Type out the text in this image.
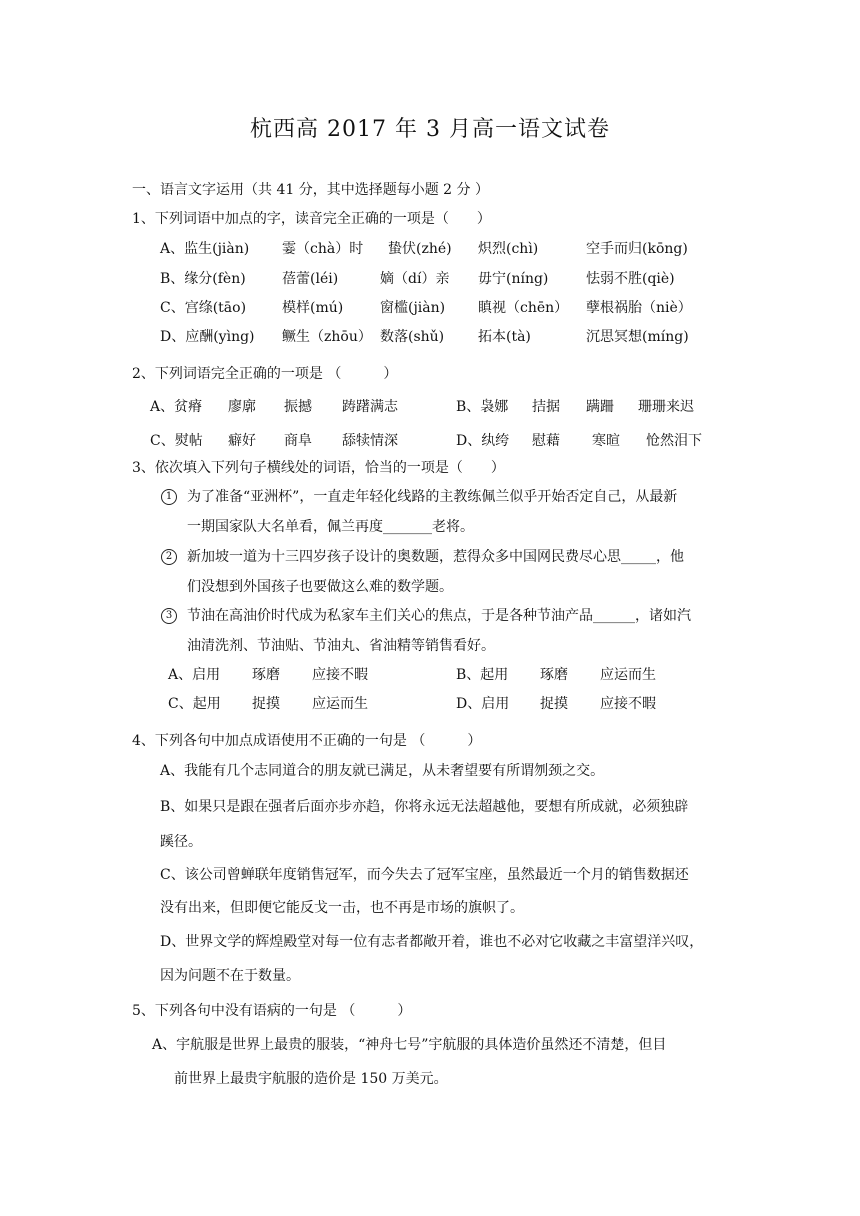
杭西高 2017 年 3 月高一语文试卷
一、语言文字运用（共 41 分，其中选择题每小题 2 分 ）
1、下列词语中加点的字，读音完全正确的一项是（　　）
A、监生(jiàn) 霎（chà）时 蛰伏(zhé) 炽烈(chì)	空手而归(kōng)
B、缘分(fèn)	蓓蕾(léi)	嫡（dí）亲 毋宁(níng)	怯弱不胜(qiè)
C、宫绦(tāo)	模样(mú)	窗槛(jiàn) 瞋视（chēn） 孽根祸胎（niè）
D、应酬(yìng) 鳜生（zhōu） 数落(shǔ) 拓本(tà)	沉思冥想(míng)
2、下列词语完全正确的一项是 （　　　）
A、贫瘠 廖廓 振撼 踌躇满志	B、袅娜 拮据 蹒跚 珊珊来迟
C、熨帖 癖好 商阜 舔犊情深	D、纨绔 慰藉 寒暄 怆然泪下
3、依次填入下列句子横线处的词语，恰当的一项是（　　）
1	为了准备“亚洲杯”，一直走年轻化线路的主教练佩兰似乎开始否定自己，从最新
一期国家队大名单看，佩兰再度_______老将。
2	新加坡一道为十三四岁孩子设计的奥数题，惹得众多中国网民费尽心思_____，他
们没想到外国孩子也要做这么难的数学题。
3	节油在高油价时代成为私家车主们关心的焦点，于是各种节油产品______，诸如汽
油清洗剂、节油贴、节油丸、省油精等销售看好。
A、启用 琢磨 应接不暇	B、起用 琢磨 应运而生
C、起用 捉摸 应运而生	D、启用 捉摸 应接不暇
4、下列各句中加点成语使用不正确的一句是 （　　　）
A、我能有几个志同道合的朋友就已满足，从未奢望要有所谓刎颈之交。
B、如果只是跟在强者后面亦步亦趋，你将永远无法超越他，要想有所成就，必须独辟
蹊径。
C、该公司曾蝉联年度销售冠军，而今失去了冠军宝座，虽然最近一个月的销售数据还
没有出来，但即便它能反戈一击，也不再是市场的旗帜了。
D、世界文学的辉煌殿堂对每一位有志者都敞开着，谁也不必对它收藏之丰富望洋兴叹，
因为问题不在于数量。
5、下列各句中没有语病的一句是 （　　　）
A、宇航服是世界上最贵的服装，“神舟七号”宇航服的具体造价虽然还不清楚，但目
前世界上最贵宇航服的造价是 150 万美元。
